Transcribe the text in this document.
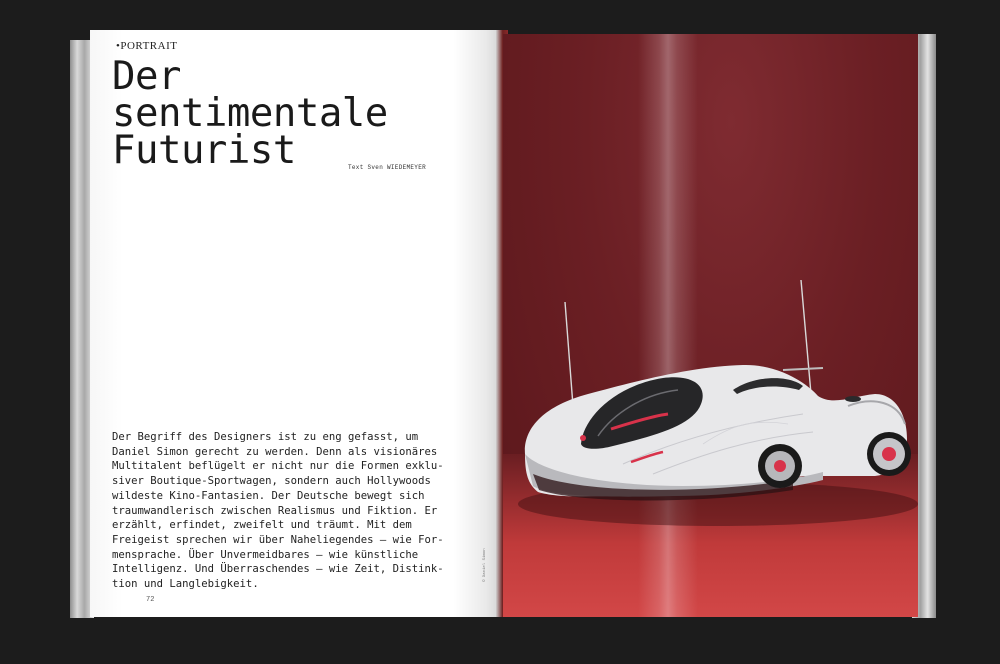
•PORTRAIT
Der
sentimentale
Futurist	Text Sven WIEDEMEYER

Der Begriff des Designers ist zu eng gefasst, um
Daniel Simon gerecht zu werden. Denn als visionäres
Multitalent beflügelt er nicht nur die Formen exklu-
siver Boutique-Sportwagen, sondern auch Hollywoods
wildeste Kino-Fantasien. Der Deutsche bewegt sich
traumwandlerisch zwischen Realismus und Fiktion. Er
erzählt, erfindet, zweifelt und träumt. Mit dem
Freigeist sprechen wir über Naheliegendes — wie For-
mensprache. Über Unvermeidbares — wie künstliche
Intelligenz. Und Überraschendes — wie Zeit, Distink-
tion und Langlebigkeit.

72
© Daniel Simon
